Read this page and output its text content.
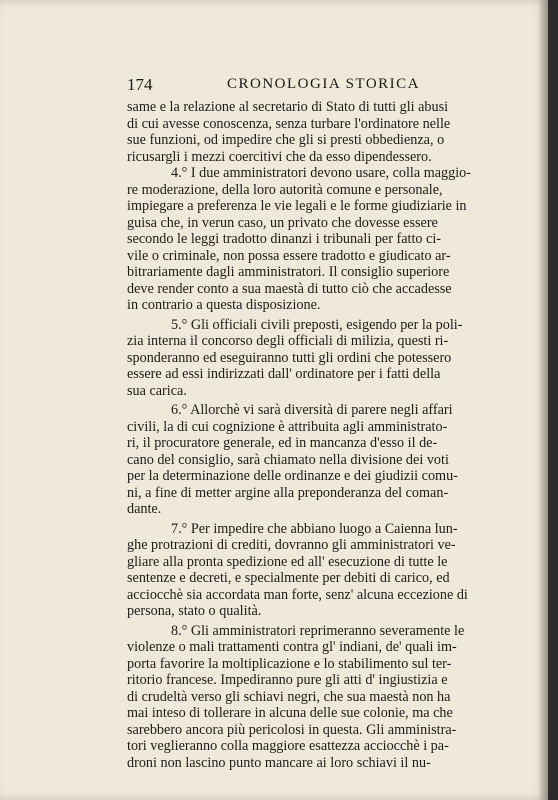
174	CRONOLOGIA STORICA
same e la relazione al secretario di Stato di tutti gli abusi
di cui avesse conoscenza, senza turbare l'ordinatore nelle
sue funzioni, od impedire che gli si presti obbedienza, o
ricusargli i mezzi coercitivi che da esso dipendessero.
4.° I due amministratori devono usare, colla maggio-
re moderazione, della loro autorità comune e personale,
impiegare a preferenza le vie legali e le forme giudiziarie in
guisa che, in verun caso, un privato che dovesse essere
secondo le leggi tradotto dinanzi i tribunali per fatto ci-
vile o criminale, non possa essere tradotto e giudicato ar-
bitrariamente dagli amministratori. Il consiglio superiore
deve render conto a sua maestà di tutto ciò che accadesse
in contrario a questa disposizione.
5.° Gli officiali civili preposti, esigendo per la poli-
zia interna il concorso degli officiali di milizia, questi ri-
sponderanno ed eseguiranno tutti gli ordini che potessero
essere ad essi indirizzati dall' ordinatore per i fatti della
sua carica.
6.° Allorchè vi sarà diversità di parere negli affari
civili, la di cui cognizione è attribuita agli amministrato-
ri, il procuratore generale, ed in mancanza d'esso il de-
cano del consiglio, sarà chiamato nella divisione dei voti
per la determinazione delle ordinanze e dei giudizii comu-
ni, a fine di metter argine alla preponderanza del coman-
dante.
7.° Per impedire che abbiano luogo a Caienna lun-
ghe protrazioni di crediti, dovranno gli amministratori ve-
gliare alla pronta spedizione ed all' esecuzione di tutte le
sentenze e decreti, e specialmente per debiti di carico, ed
acciocchè sia accordata man forte, senz' alcuna eccezione di
persona, stato o qualità.
8.° Gli amministratori reprimeranno severamente le
violenze o mali trattamenti contra gl' indiani, de' quali im-
porta favorire la moltiplicazione e lo stabilimento sul ter-
ritorio francese. Impediranno pure gli atti d' ingiustizia e
di crudeltà verso gli schiavi negri, che sua maestà non ha
mai inteso di tollerare in alcuna delle sue colonie, ma che
sarebbero ancora più pericolosi in questa. Gli amministra-
tori veglieranno colla maggiore esattezza acciocchè i pa-
droni non lascino punto mancare ai loro schiavi il nu-
